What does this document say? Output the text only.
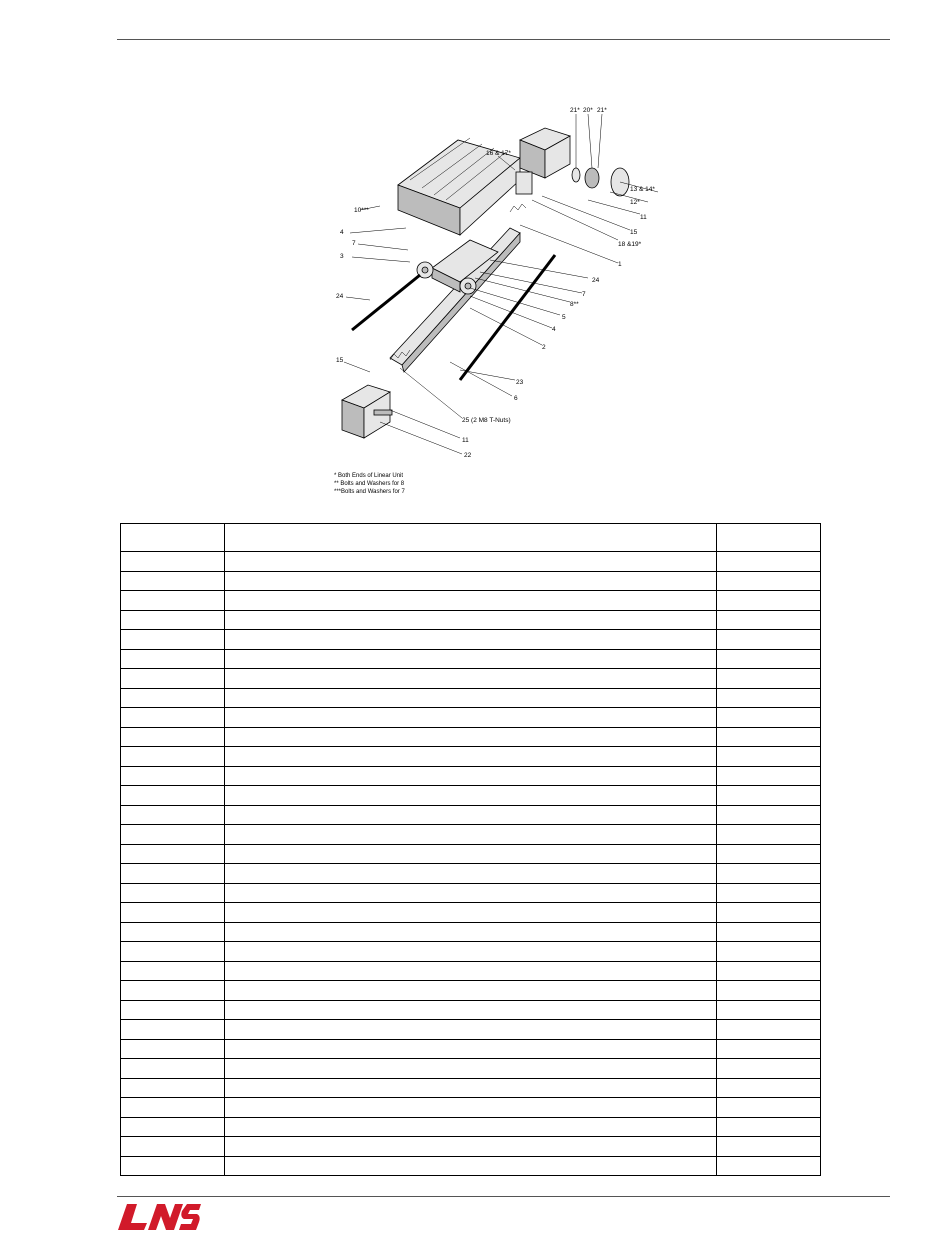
21* 20* 21*
16 & 17*
13 & 14*
12*
11
15
18 &19*
10***
4
7
3
1
24
7
8**
5
4
2
24
23
6
15
25 (2 M8 T-Nuts)
11
22
* Both Ends of Linear Unit
** Bolts and Washers for 8
***Bolts and Washers for 7
